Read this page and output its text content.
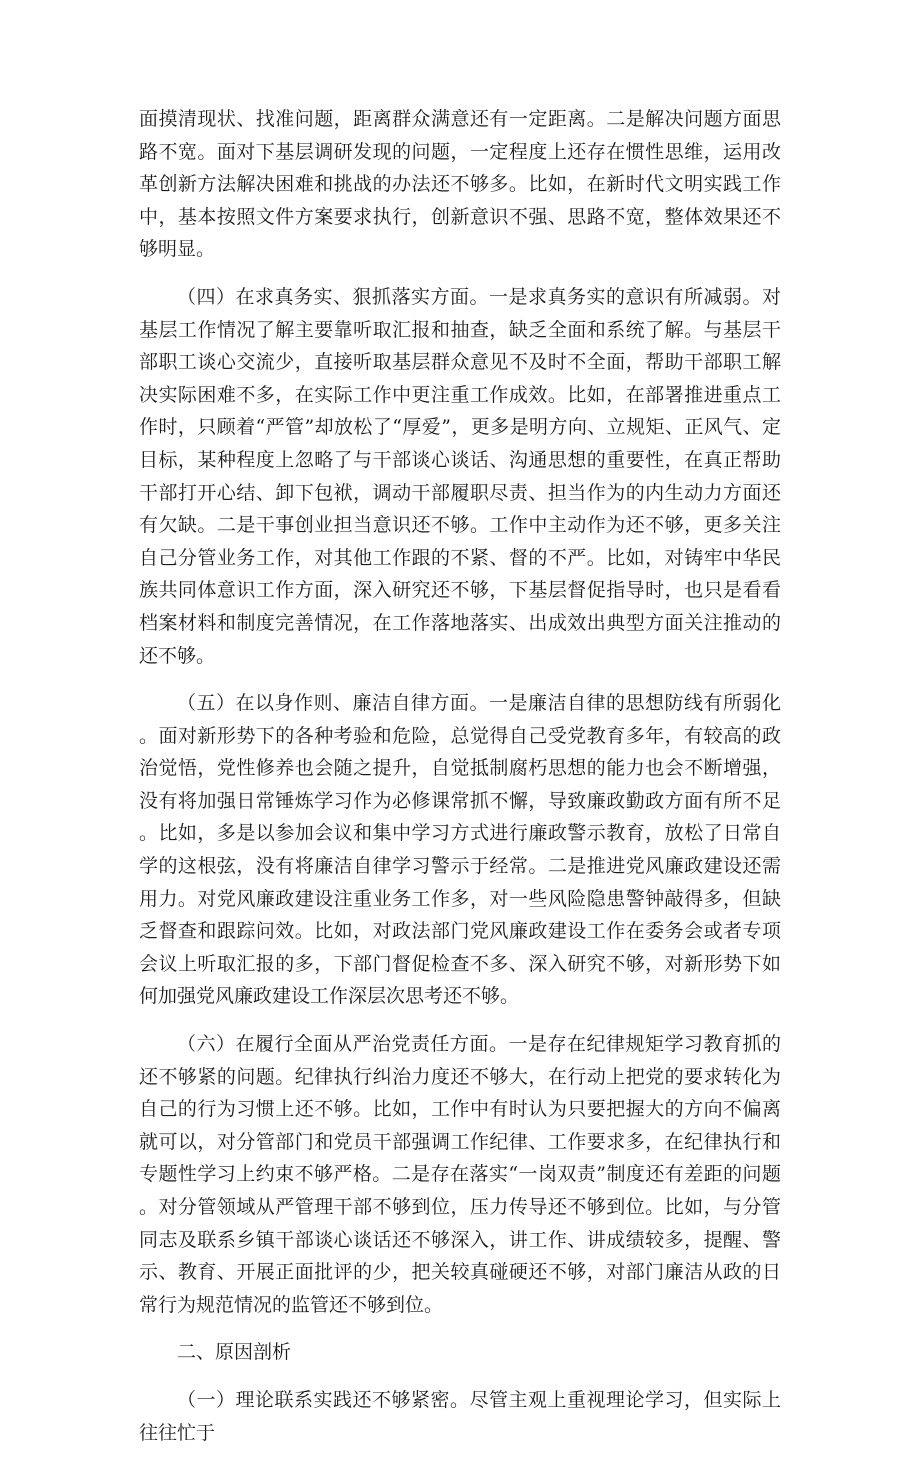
面摸清现状、找准问题，距离群众满意还有一定距离。二是解决问题方面思路不宽。面对下基层调研发现的问题，一定程度上还存在惯性思维，运用改革创新方法解决困难和挑战的办法还不够多。比如，在新时代文明实践工作中，基本按照文件方案要求执行，创新意识不强、思路不宽，整体效果还不够明显。

（四）在求真务实、狠抓落实方面。一是求真务实的意识有所减弱。对基层工作情况了解主要靠听取汇报和抽查，缺乏全面和系统了解。与基层干部职工谈心交流少，直接听取基层群众意见不及时不全面，帮助干部职工解决实际困难不多，在实际工作中更注重工作成效。比如，在部署推进重点工作时，只顾着“严管”却放松了“厚爱”，更多是明方向、立规矩、正风气、定目标，某种程度上忽略了与干部谈心谈话、沟通思想的重要性，在真正帮助干部打开心结、卸下包袱，调动干部履职尽责、担当作为的内生动力方面还有欠缺。二是干事创业担当意识还不够。工作中主动作为还不够，更多关注自己分管业务工作，对其他工作跟的不紧、督的不严。比如，对铸牢中华民族共同体意识工作方面，深入研究还不够，下基层督促指导时，也只是看看档案材料和制度完善情况，在工作落地落实、出成效出典型方面关注推动的还不够。

（五）在以身作则、廉洁自律方面。一是廉洁自律的思想防线有所弱化。面对新形势下的各种考验和危险，总觉得自己受党教育多年，有较高的政治觉悟，党性修养也会随之提升，自觉抵制腐朽思想的能力也会不断增强，没有将加强日常锤炼学习作为必修课常抓不懈，导致廉政勤政方面有所不足。比如，多是以参加会议和集中学习方式进行廉政警示教育，放松了日常自学的这根弦，没有将廉洁自律学习警示于经常。二是推进党风廉政建设还需用力。对党风廉政建设注重业务工作多，对一些风险隐患警钟敲得多，但缺乏督查和跟踪问效。比如，对政法部门党风廉政建设工作在委务会或者专项会议上听取汇报的多，下部门督促检查不多、深入研究不够，对新形势下如何加强党风廉政建设工作深层次思考还不够。

（六）在履行全面从严治党责任方面。一是存在纪律规矩学习教育抓的还不够紧的问题。纪律执行纠治力度还不够大，在行动上把党的要求转化为自己的行为习惯上还不够。比如，工作中有时认为只要把握大的方向不偏离就可以，对分管部门和党员干部强调工作纪律、工作要求多，在纪律执行和专题性学习上约束不够严格。二是存在落实“一岗双责”制度还有差距的问题。对分管领域从严管理干部不够到位，压力传导还不够到位。比如，与分管同志及联系乡镇干部谈心谈话还不够深入，讲工作、讲成绩较多，提醒、警示、教育、开展正面批评的少，把关较真碰硬还不够，对部门廉洁从政的日常行为规范情况的监管还不够到位。

二、原因剖析

（一）理论联系实践还不够紧密。尽管主观上重视理论学习，但实际上往往忙于
